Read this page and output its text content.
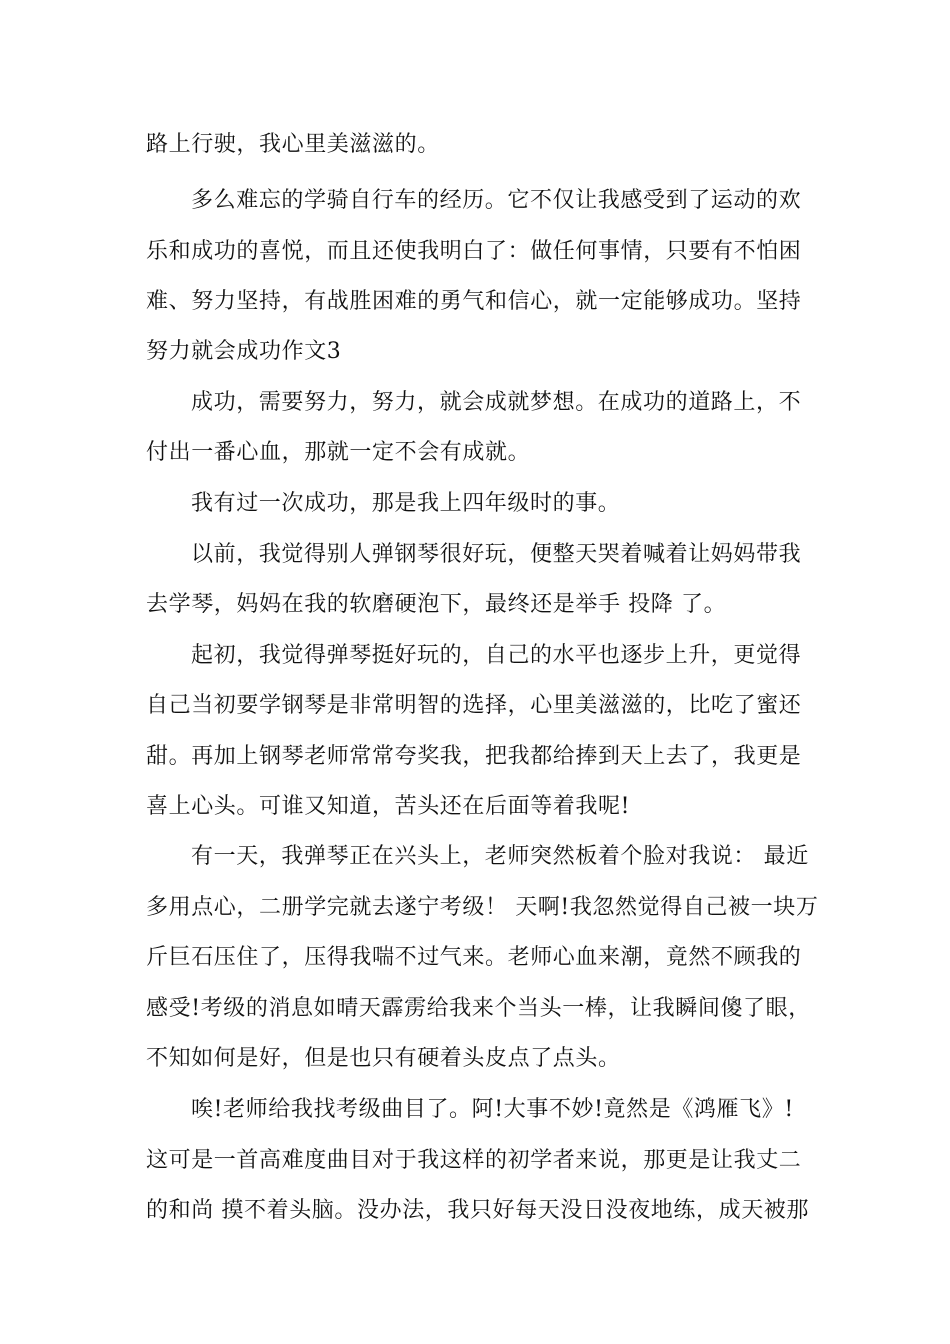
路上行驶，我心里美滋滋的。
多么难忘的学骑自行车的经历。它不仅让我感受到了运动的欢
乐和成功的喜悦，而且还使我明白了：做任何事情，只要有不怕困
难、努力坚持，有战胜困难的勇气和信心，就一定能够成功。坚持
努力就会成功作文3
成功，需要努力，努力，就会成就梦想。在成功的道路上，不
付出一番心血，那就一定不会有成就。
我有过一次成功，那是我上四年级时的事。
以前，我觉得别人弹钢琴很好玩，便整天哭着喊着让妈妈带我
去学琴，妈妈在我的软磨硬泡下，最终还是举手 投降 了。
起初，我觉得弹琴挺好玩的，自己的水平也逐步上升，更觉得
自己当初要学钢琴是非常明智的选择，心里美滋滋的，比吃了蜜还
甜。再加上钢琴老师常常夸奖我，把我都给捧到天上去了，我更是
喜上心头。可谁又知道，苦头还在后面等着我呢!
有一天，我弹琴正在兴头上，老师突然板着个脸对我说： 最近
多用点心，二册学完就去遂宁考级！ 天啊!我忽然觉得自己被一块万
斤巨石压住了，压得我喘不过气来。老师心血来潮，竟然不顾我的
感受!考级的消息如晴天霹雳给我来个当头一棒，让我瞬间傻了眼，
不知如何是好，但是也只有硬着头皮点了点头。
唉!老师给我找考级曲目了。阿!大事不妙!竟然是《鸿雁飞》!
这可是一首高难度曲目对于我这样的初学者来说，那更是让我丈二
的和尚 摸不着头脑。没办法，我只好每天没日没夜地练，成天被那
